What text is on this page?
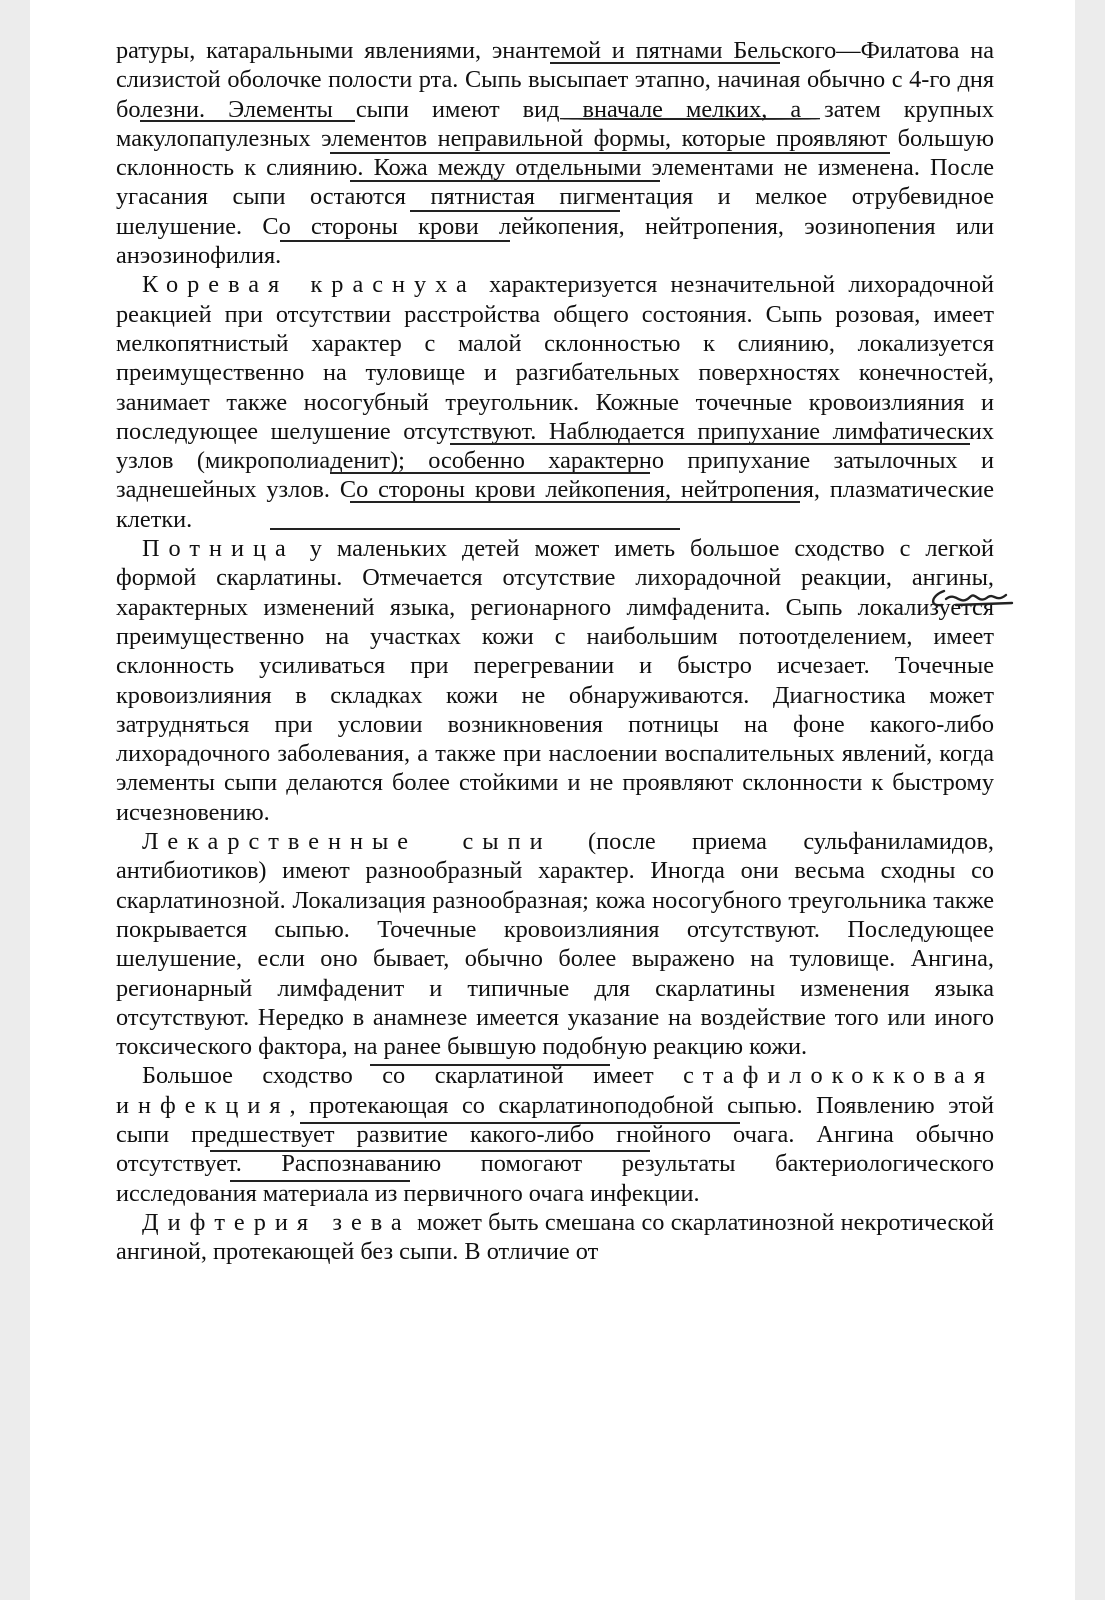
ратуры, катаральными явлениями, энантемой и пятнами Бельского—Филатова на слизистой оболочке полости рта. Сыпь высыпает этапно, начиная обычно с 4-го дня болезни. Элементы сыпи имеют вид вначале мелких, а затем крупных макулопапулезных элементов неправильной формы, которые проявляют большую склонность к слиянию. Кожа между отдельными элементами не изменена. После угасания сыпи остаются пятнистая пигментация и мелкое отрубевидное шелушение. Со стороны крови лейкопения, нейтропения, эозинопения или анэозинофилия.

Коревая краснуха характеризуется незначительной лихорадочной реакцией при отсутствии расстройства общего состояния. Сыпь розовая, имеет мелкопятнистый характер с малой склонностью к слиянию, локализуется преимущественно на туловище и разгибательных поверхностях конечностей, занимает также носогубный треугольник. Кожные точечные кровоизлияния и последующее шелушение отсутствуют. Наблюдается припухание лимфатических узлов (микрополиаденит); особенно характерно припухание затылочных и заднешейных узлов. Со стороны крови лейкопения, нейтропения, плазматические клетки.

Потница у маленьких детей может иметь большое сходство с легкой формой скарлатины. Отмечается отсутствие лихорадочной реакции, ангины, характерных изменений языка, регионарного лимфаденита. Сыпь локализуется преимущественно на участках кожи с наибольшим потоотделением, имеет склонность усиливаться при перегревании и быстро исчезает. Точечные кровоизлияния в складках кожи не обнаруживаются. Диагностика может затрудняться при условии возникновения потницы на фоне какого-либо лихорадочного заболевания, а также при наслоении воспалительных явлений, когда элементы сыпи делаются более стойкими и не проявляют склонности к быстрому исчезновению.

Лекарственные сыпи (после приема сульфаниламидов, антибиотиков) имеют разнообразный характер. Иногда они весьма сходны со скарлатинозной. Локализация разнообразная; кожа носогубного треугольника также покрывается сыпью. Точечные кровоизлияния отсутствуют. Последующее шелушение, если оно бывает, обычно более выражено на туловище. Ангина, регионарный лимфаденит и типичные для скарлатины изменения языка отсутствуют. Нередко в анамнезе имеется указание на воздействие того или иного токсического фактора, на ранее бывшую подобную реакцию кожи.

Большое сходство со скарлатиной имеет стафилококковая инфекция, протекающая со скарлатиноподобной сыпью. Появлению этой сыпи предшествует развитие какого-либо гнойного очага. Ангина обычно отсутствует. Распознаванию помогают результаты бактериологического исследования материала из первичного очага инфекции.

Дифтерия зева может быть смешана со скарлатинозной некротической ангиной, протекающей без сыпи. В отличие от
